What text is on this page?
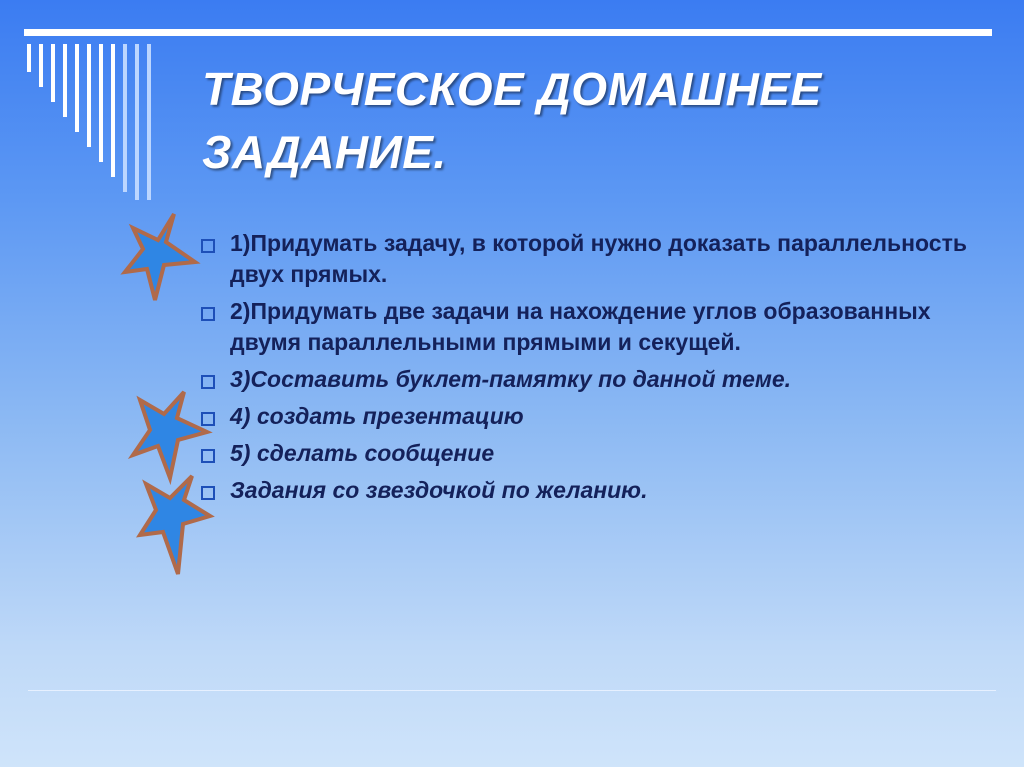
ТВОРЧЕСКОЕ ДОМАШНЕЕ
ЗАДАНИЕ.
1)Придумать задачу, в которой нужно доказать параллельность двух прямых.
2)Придумать две задачи на нахождение углов образованных двумя параллельными прямыми и секущей.
3)Составить буклет-памятку по данной теме.
4) создать презентацию
5) сделать сообщение
Задания со звездочкой по желанию.
